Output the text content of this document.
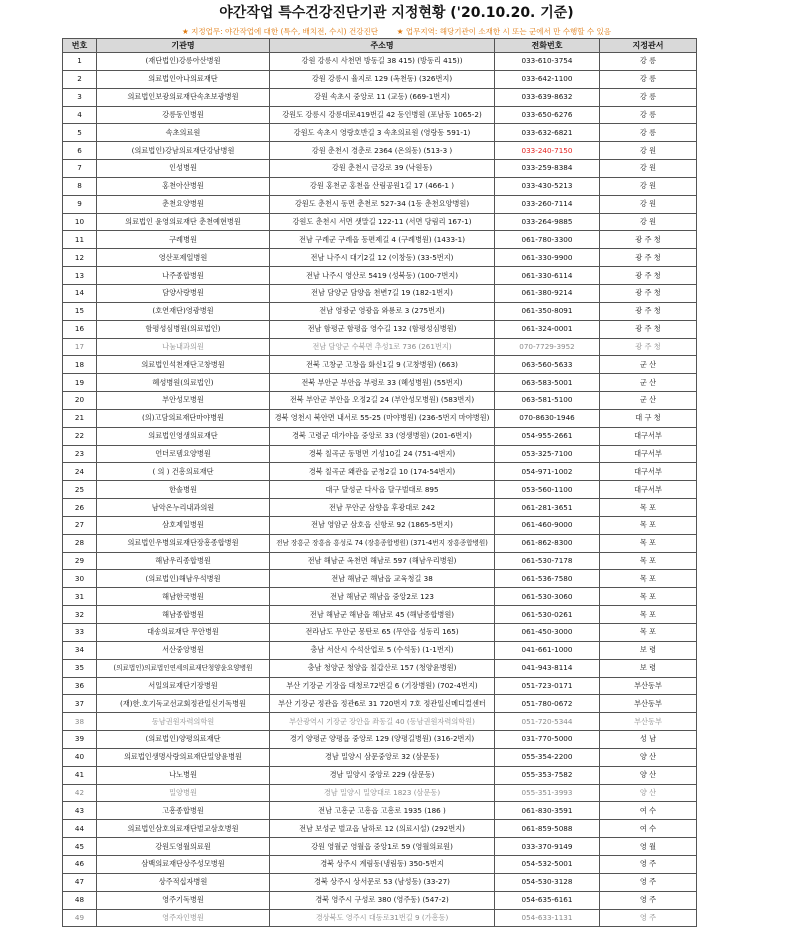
야간작업 특수건강진단기관 지정현황 ('20.10.20. 기준)
★ 지정업무: 야간작업에 대한 (특수, 배치전, 수시) 건강진단	★ 업무지역: 해당기관이 소재한 시 또는 군에서 만 수행할 수 있음
번호	기관명	주소명	전화번호	지정관서
1	(재단법인)강릉아산병원	강원 강릉시 사천면 방동길 38 415) (방동리 415))	033-610-3754	강 릉
2	의료법인아나의료재단	강원 강릉시 율지로 129 (옥천동) (326번지)	033-642-1100	강 릉
3	의료법인보광의료재단속초보광병원	강원 속초시 중앙로 11 (교동) (669-1번지)	033-639-8632	강 릉
4	강릉동인병원	강원도 강릉시 강릉대로419번길 42 동인병원 (포남동 1065-2)	033-650-6276	강 릉
5	속초의료원	강원도 속초시 영랑호반길 3 속초의료원 (영랑동 591-1)	033-632-6821	강 릉
6	(의료법인)강남의료재단강남병원	강원 춘천시 경춘로 2364 (온의동) (513-3 )	033-240-7150	강 원
7	인성병원	강원 춘천시 금강로 39 (낙원동)	033-259-8384	강 원
8	홍천아산병원	강원 홍천군 홍천읍 산림공원1길 17 (466-1 )	033-430-5213	강 원
9	춘천요양병원	강원도 춘천시 동면 춘천로 527-34 (1동 춘천요양병원)	033-260-7114	강 원
10	의료법인 윤영의료재단 춘천예현병원	강원도 춘천시 서면 샛말길 122-11 (서면 당림리 167-1)	033-264-9885	강 원
11	구례병원	전남 구례군 구례읍 동편제길 4 (구례병원) (1433-1)	061-780-3300	광 주 청
12	영산포제일병원	전남 나주시 대기2길 12 (이창동) (33-5번지)	061-330-9900	광 주 청
13	나주종합병원	전남 나주시 영산로 5419 (성북동) (100-7번지)	061-330-6114	광 주 청
14	담양사랑병원	전남 담양군 담양읍 천변7길 19 (182-1번지)	061-380-9214	광 주 청
15	(호연재단)영광병원	전남 영광군 영광읍 와룡로 3 (275번지)	061-350-8091	광 주 청
16	함평성심병원(의료법인)	전남 함평군 함평읍 영수길 132 (함평성심병원)	061-324-0001	광 주 청
17	나눔내과의원	전남 담양군 수북면 추성1로 736 (261번지)	070-7729-3952	광 주 청
18	의료법인석천재단고창병원	전북 고창군 고창읍 화신1길 9 (고창병원) (663)	063-560-5633	군 산
19	혜성병원(의료법인)	전북 부안군 부안읍 부령로 33 (혜성병원) (55번지)	063-583-5001	군 산
20	부안성모병원	전북 부안군 부안읍 오정2길 24 (부안성모병원) (583번지)	063-581-5100	군 산
21	(의)고담의료재단마야병원	경북 영천시 북안면 내서로 55-25 (마야병원) (236-5번지 마야병원)	070-8630-1946	대 구 청
22	의료법인영생의료재단	경북 고령군 대가야읍 중앙로 33 (영생병원) (201-6번지)	054-955-2661	대구서부
23	언더로뎀요양병원	경북 칠곡군 동명면 기성10길 24 (751-4번지)	053-325-7100	대구서부
24	( 의 ) 건흥의료재단	경북 칠곡군 왜관읍 군청2길 10 (174-54번지)	054-971-1002	대구서부
25	한솔병원	대구 달성군 다사읍 달구벌대로 895	053-560-1100	대구서부
26	남악온누리내과의원	전남 무안군 삼향읍 후광대로 242	061-281-3651	목 포
27	삼호제일병원	전남 영암군 삼호읍 신항로 92 (1865-5번지)	061-460-9000	목 포
28	의료법인우병의료재단장흥종합병원	전남 장흥군 장흥읍 흥성로 74 (장흥종합병원) (371-4번지 장흥종합병원)	061-862-8300	목 포
29	해남우리종합병원	전남 해남군 옥천면 해남로 597 (해남우리병원)	061-530-7178	목 포
30	(의료법인)해남우석병원	전남 해남군 해남읍 교육청길 38	061-536-7580	목 포
31	해남한국병원	전남 해남군 해남읍 중앙2로 123	061-530-3060	목 포
32	해남종합병원	전남 해남군 해남읍 해남로 45 (해남종합병원)	061-530-0261	목 포
33	대송의료재단 무안병원	전라남도 무안군 몽탄로 65 (무안읍 성동리 165)	061-450-3000	목 포
34	서산중앙병원	충남 서산시 수석산업로 5 (수석동) (1-1번지)	041-661-1000	보 령
35	(의료법인)의료법인연세의료재단청양윤요양병원	충남 청양군 청양읍 칠갑산로 157 (청양윤병원)	041-943-8114	보 령
36	서일의료재단기장병원	부산 기장군 기장읍 대청로72번길 6 (기장병원) (702-4번지)	051-723-0171	부산동부
37	(재)한.호기독교선교회정관일신기독병원	부산 기장군 정관읍 정관6로 31 720번지 7호 정관일신메디컬센터	051-780-0672	부산동부
38	동남권원자력의학원	부산광역시 기장군 장안읍 좌동길 40 (동남권원자력의학원)	051-720-5344	부산동부
39	(의료법인)양평의료재단	경기 양평군 양평읍 중앙로 129 (양평길병원) (316-2번지)	031-770-5000	성 남
40	의료법인생명사랑의료재단밀양윤병원	경남 밀양시 삼문중앙로 32 (삼문동)	055-354-2200	양 산
41	나노병원	경남 밀양시 중앙로 229 (삼문동)	055-353-7582	양 산
42	밀양병원	경남 밀양시 밀양대로 1823 (삼문동)	055-351-3993	양 산
43	고흥종합병원	전남 고흥군 고흥읍 고흥로 1935 (186 )	061-830-3591	여 수
44	의료법인삼호의료재단벌교삼호병원	전남 보성군 벌교읍 남하로 12 (의료시설) (292번지)	061-859-5088	여 수
45	강원도영월의료원	강원 영월군 영월읍 중앙1로 59 (영월의료원)	033-370-9149	영 월
46	삼백의료재단상주성모병원	경북 상주시 계림동(냉림동) 350-5번지	054-532-5001	영 주
47	상주적십자병원	경북 상주시 상서문로 53 (남성동) (33-27)	054-530-3128	영 주
48	영주기독병원	경북 영주시 구성로 380 (영주동) (547-2)	054-635-6161	영 주
49	영주자인병원	경상북도 영주시 대동로31번길 9 (가흥동)	054-633-1131	영 주
